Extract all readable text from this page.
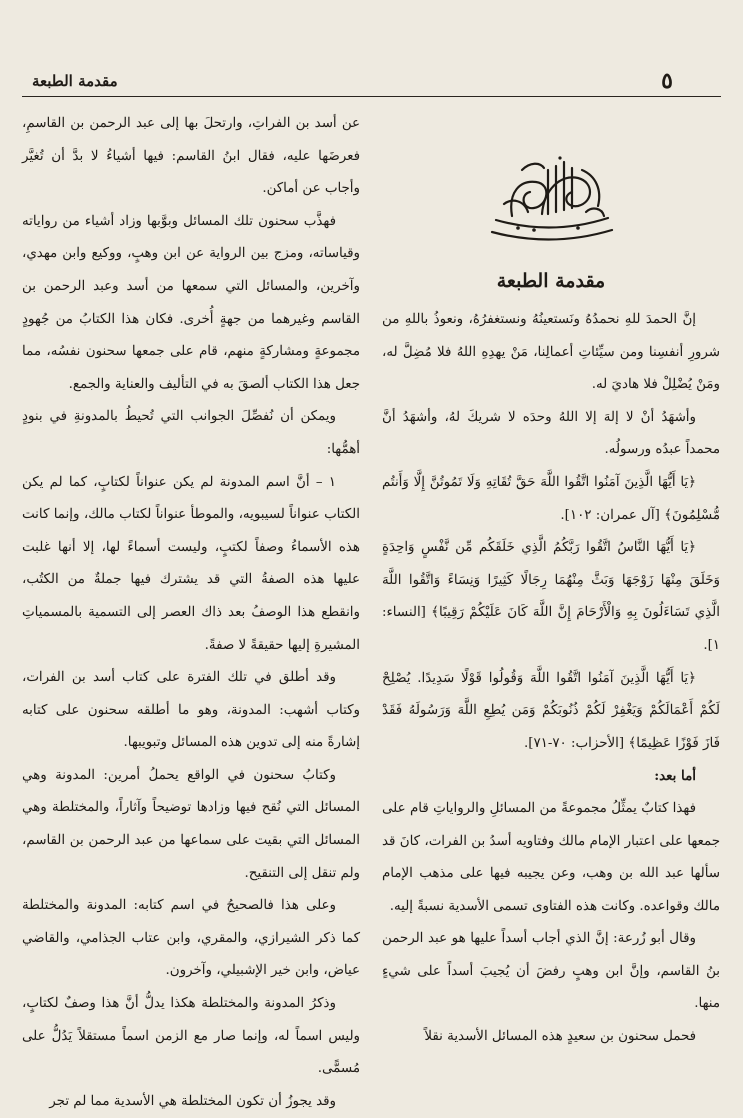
٥
مقدمة الطبعة

مقدمة الطبعة

إنَّ الحمدَ للهِ نحمدُهُ ونَستعينُهُ ونستغفرُهُ، ونعوذُ باللهِ من شرورِ أنفسِنا ومن سيِّئاتِ أعمالِنا، مَنْ يهدِهِ اللهُ فلا مُضِلَّ له، ومَنْ يُضْلِلْ فلا هاديَ له.

وأشهَدُ أنْ لا إلهَ إلا اللهُ وحدَه لا شريكَ لهُ، وأشهَدُ أنَّ محمداً عبدُه ورسولُه.

﴿يَا أَيُّهَا الَّذِينَ آمَنُوا اتَّقُوا اللَّهَ حَقَّ تُقَاتِهِ وَلَا تَمُوتُنَّ إِلَّا وَأَنتُم مُّسْلِمُونَ﴾ [آل عمران: ١٠٢].

﴿يَا أَيُّهَا النَّاسُ اتَّقُوا رَبَّكُمُ الَّذِي خَلَقَكُم مِّن نَّفْسٍ وَاحِدَةٍ وَخَلَقَ مِنْهَا زَوْجَهَا وَبَثَّ مِنْهُمَا رِجَالًا كَثِيرًا وَنِسَاءً وَاتَّقُوا اللَّهَ الَّذِي تَسَاءَلُونَ بِهِ وَالْأَرْحَامَ إِنَّ اللَّهَ كَانَ عَلَيْكُمْ رَقِيبًا﴾ [النساء: ١].

﴿يَا أَيُّهَا الَّذِينَ آمَنُوا اتَّقُوا اللَّهَ وَقُولُوا قَوْلًا سَدِيدًا. يُصْلِحْ لَكُمْ أَعْمَالَكُمْ وَيَغْفِرْ لَكُمْ ذُنُوبَكُمْ وَمَن يُطِعِ اللَّهَ وَرَسُولَهُ فَقَدْ فَازَ فَوْزًا عَظِيمًا﴾ [الأحزاب: ٧٠-٧١].

أما بعد:

فهذا كتابٌ يمثِّلُ مجموعةً من المسائلِ والرواياتِ قام على جمعها على اعتبار الإمام مالك وفتاويه أسدُ بن الفرات، كانَ قد سألها عبد الله بن وهب، وعن يجيبه فيها على مذهب الإمام مالك وقواعده. وكانت هذه الفتاوى تسمى الأسدية نسبةً إليه.

وقال أبو زُرعة: إنَّ الذي أجاب أسداً عليها هو عبد الرحمن بنُ القاسم، وإنَّ ابن وهبٍ رفضَ أن يُجيبَ أسداً على شيءٍ منها.

فحمل سحنون بن سعيدٍ هذه المسائل الأسدية نقلاً

عن أسد بن الفراتِ، وارتحلَ بها إلى عبد الرحمن بن القاسمِ، فعرضَها عليه، فقال ابنُ القاسم: فيها أشياءُ لا بدَّ أن تُغيَّر وأجاب عن أماكن.

فهذَّب سحنون تلك المسائل وبوَّبها وزاد أشياء من رواياته وقياساته، ومزج بين الرواية عن ابن وهبٍ، ووكيع وابن مهدي، وآخرين، والمسائل التي سمعها من أسد وعبد الرحمن بن القاسم وغيرهما من جهةٍ أُخرى. فكان هذا الكتابُ من جُهودٍ مجموعةٍ ومشاركةٍ منهم، قام على جمعها سحنون نفسُه، مما جعل هذا الكتاب ألصقَ به في التأليف والعناية والجمع.

ويمكن أن نُفصِّلَ الجوانب التي تُحيطُ بالمدونةِ في بنودٍ أهمُّها:

١ – أنَّ اسم المدونة لم يكن عنواناً لكتابٍ، كما لم يكن الكتاب عنواناً لسيبويه، والموطأ عنواناً لكتاب مالك، وإنما كانت هذه الأسماءُ وصفاً لكتبٍ، وليست أسماءً لها، إلا أنها غلبت عليها هذه الصفةُ التي قد يشترك فيها جملةٌ من الكتُب، وانقطع هذا الوصفُ بعد ذاك العصر إلى التسمية بالمسمياتِ المشيرةِ إليها حقيقةً لا صفةً.

وقد أطلق في تلك الفترة على كتاب أسد بن الفرات، وكتاب أشهب: المدونة، وهو ما أطلقه سحنون على كتابه إشارةً منه إلى تدوين هذه المسائل وتبويبها.

وكتابُ سحنون في الواقع يحملُ أمرين: المدونة وهي المسائل التي نُقح فيها وزادها توضيحاً وآثاراً، والمختلطة وهي المسائل التي بقيت على سماعها من عبد الرحمن بن القاسم، ولم تنقل إلى التنقيح.

وعلى هذا فالصحيحُ في اسم كتابه: المدونة والمختلطة كما ذكر الشيرازي، والمقري، وابن عتاب الجذامي، والقاضي عياض، وابن خير الإشبيلي، وآخرون.

وذكرُ المدونة والمختلطة هكذا يدلُّ أنَّ هذا وصفٌ لكتابٍ، وليس اسماً له، وإنما صار مع الزمن اسماً مستقلاً يَدُلُّ على مُسمًّى.

وقد يجوزُ أن تكون المختلطة هي الأسدية مما لم تجر
